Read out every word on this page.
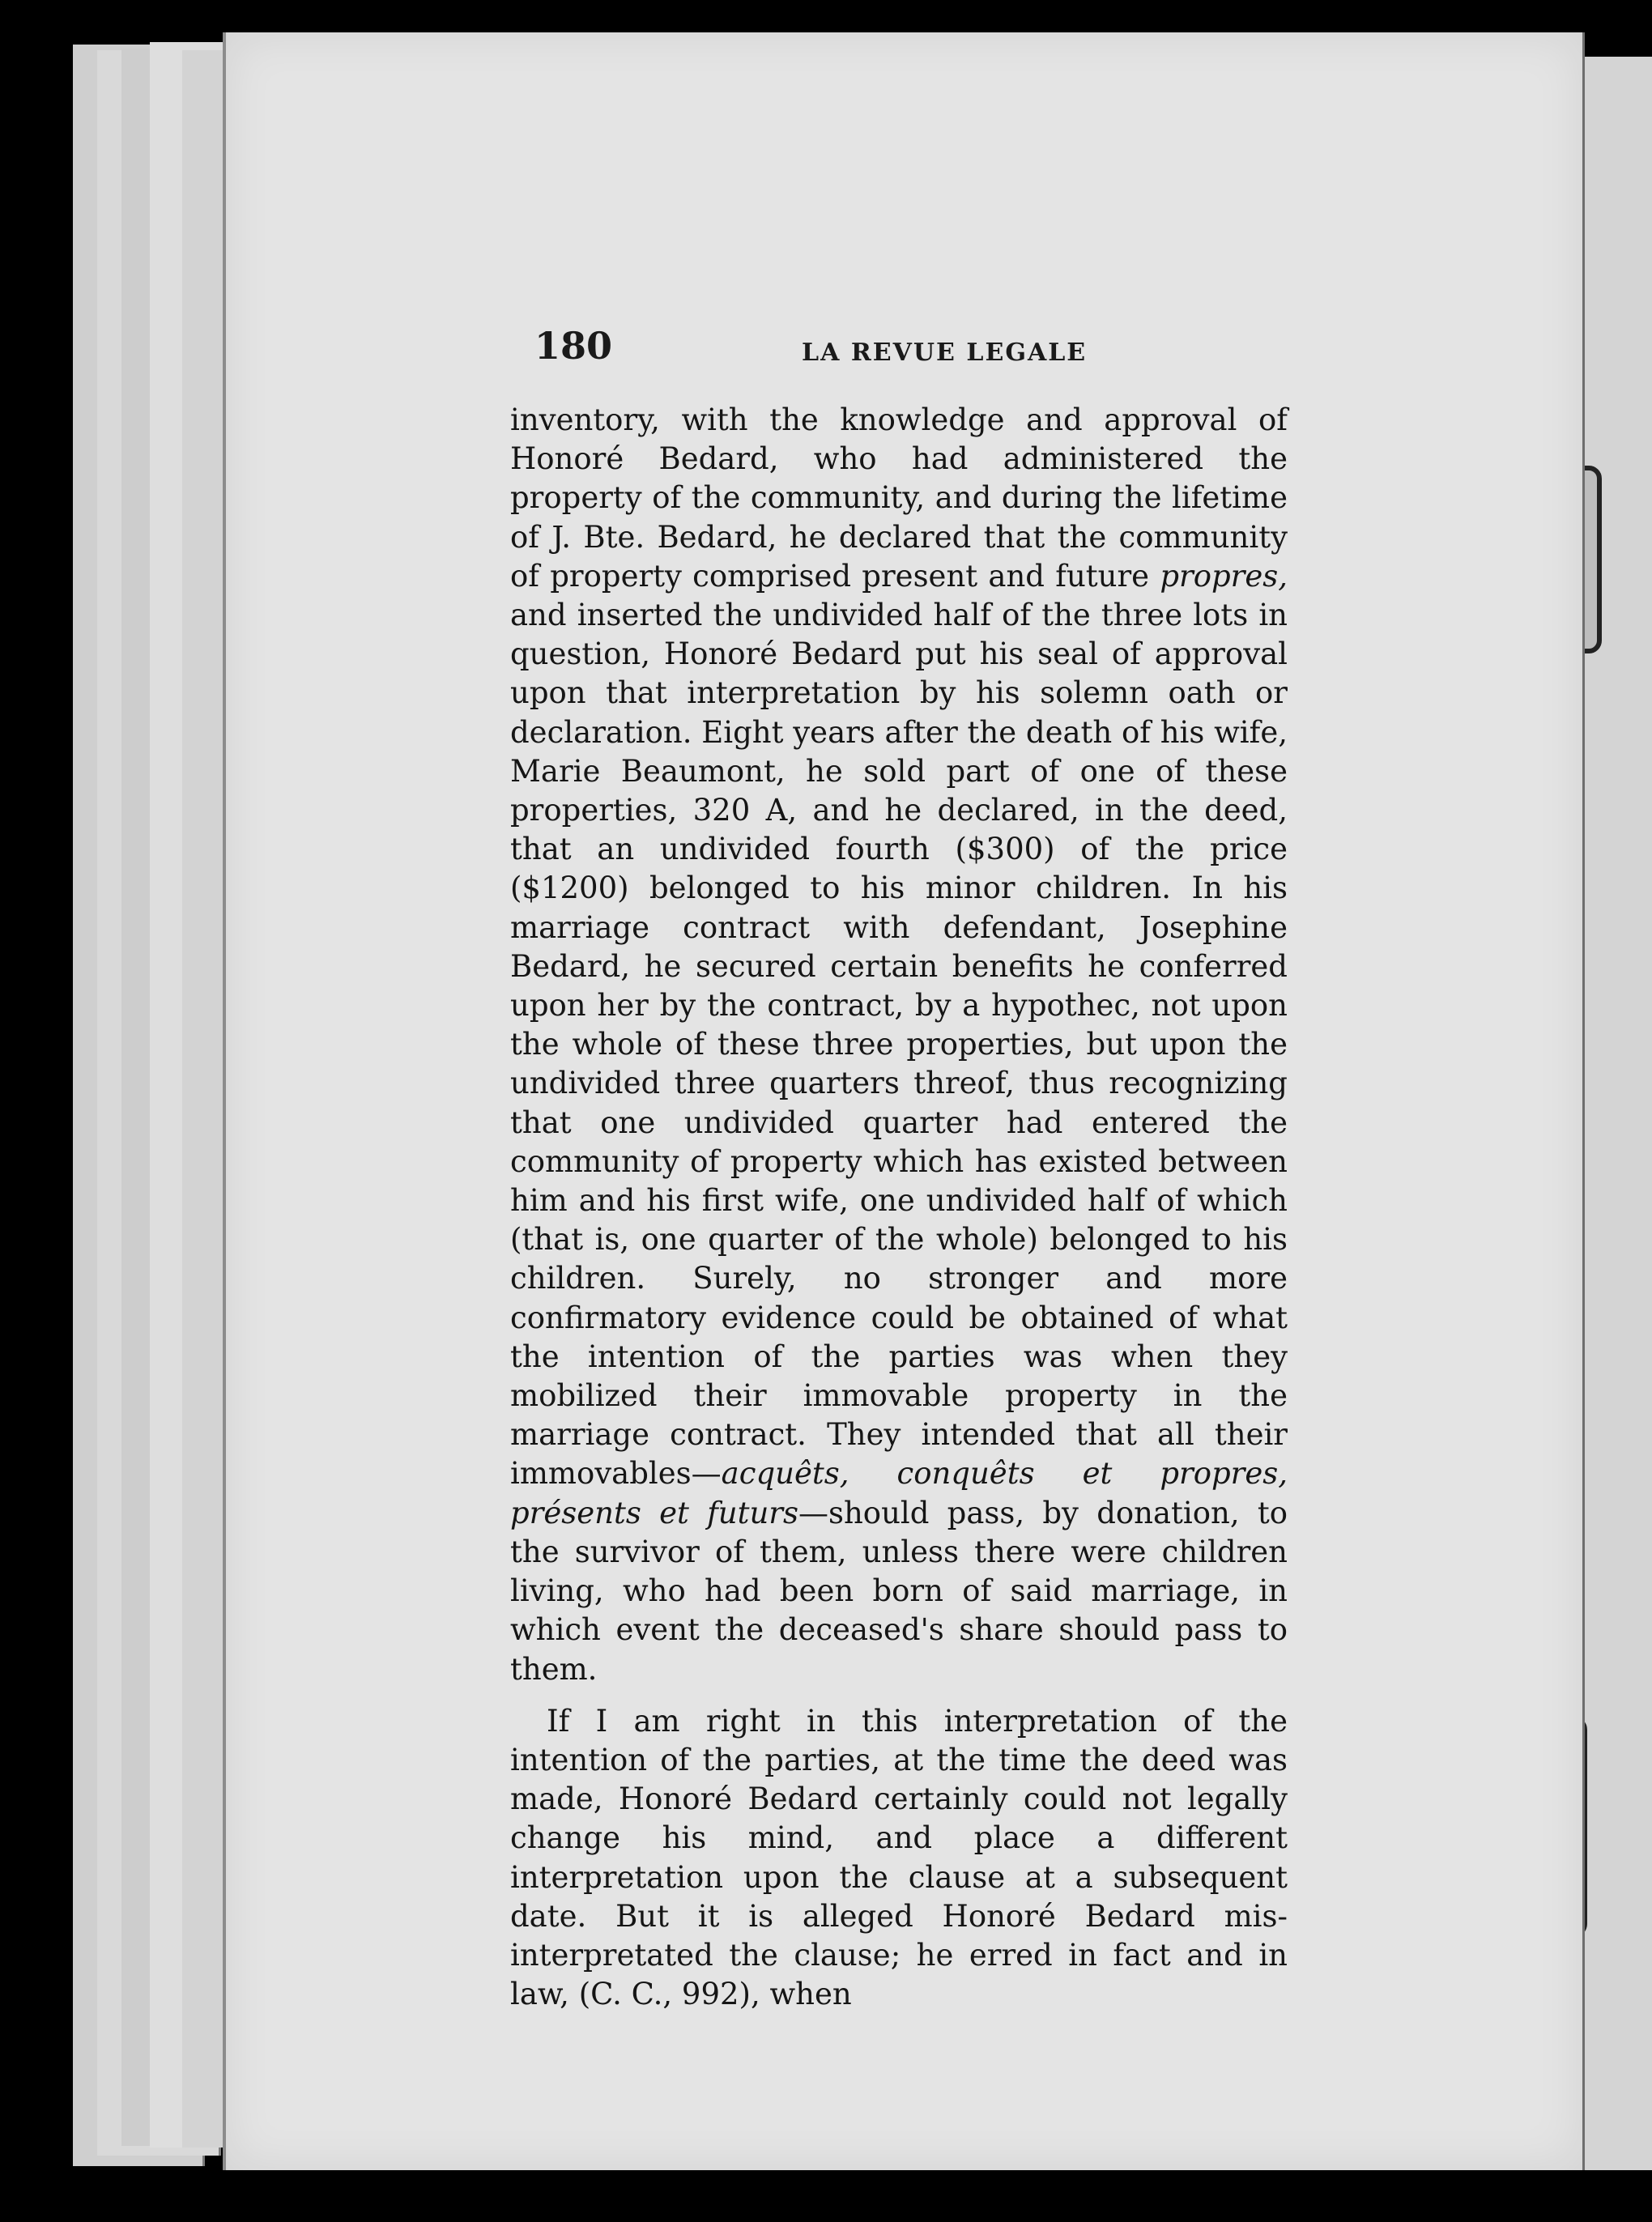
180	LA REVUE LEGALE

inventory, with the knowledge and approval of Honoré Bedard, who had administered the property of the community, and during the lifetime of J. Bte. Bedard, he declared that the community of property comprised present and future propres, and inserted the undivided half of the three lots in question, Honoré Bedard put his seal of approval upon that interpretation by his solemn oath or declaration. Eight years after the death of his wife, Marie Beaumont, he sold part of one of these properties, 320 A, and he declared, in the deed, that an undivided fourth ($300) of the price ($1200) belonged to his minor children. In his marriage contract with defendant, Josephine Bedard, he secured certain benefits he conferred upon her by the contract, by a hypothec, not upon the whole of these three properties, but upon the undivided three quarters threof, thus recognizing that one undivided quarter had entered the community of property which has existed between him and his first wife, one undivided half of which (that is, one quarter of the whole) belonged to his children. Surely, no stronger and more confirmatory evidence could be obtained of what the intention of the parties was when they mobilized their immovable property in the marriage contract. They intended that all their immovables—acquêts, conquêts et propres, présents et futurs—should pass, by donation, to the survivor of them, unless there were children living, who had been born of said marriage, in which event the deceased's share should pass to them.

If I am right in this interpretation of the intention of the parties, at the time the deed was made, Honoré Bedard certainly could not legally change his mind, and place a different interpretation upon the clause at a subsequent date. But it is alleged Honoré Bedard mis-interpretated the clause; he erred in fact and in law, (C. C., 992), when
